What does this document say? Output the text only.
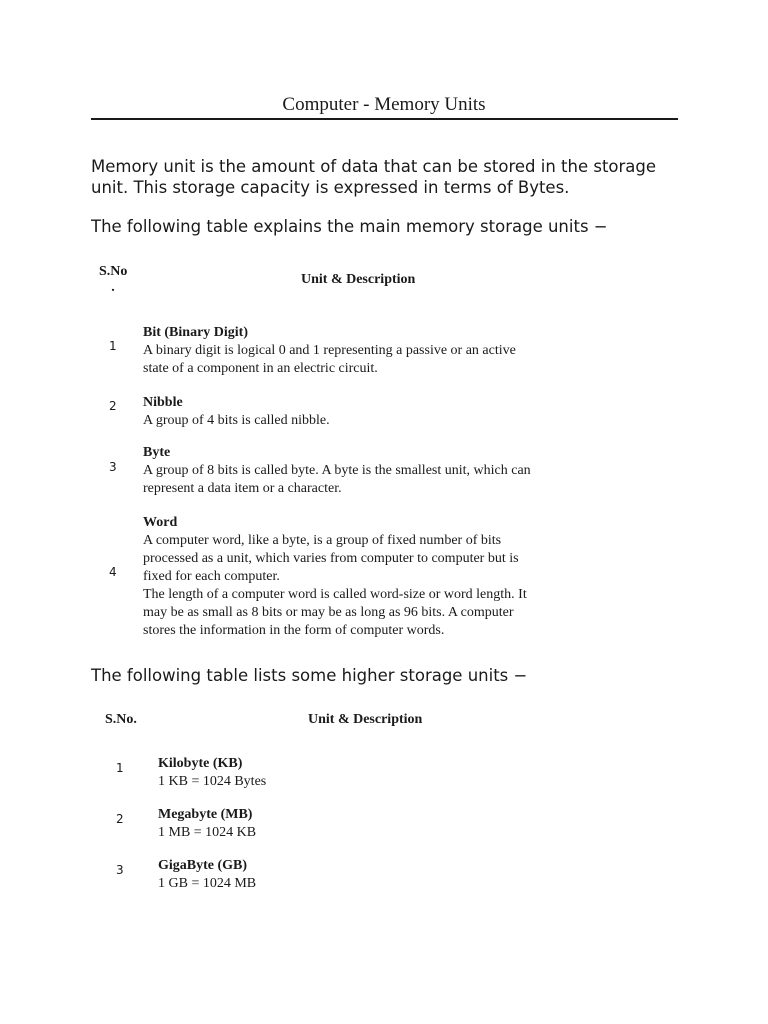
Computer - Memory Units
Memory unit is the amount of data that can be stored in the storage
unit. This storage capacity is expressed in terms of Bytes.
The following table explains the main memory storage units −
S.No
.
Unit & Description
1
Bit (Binary Digit)
A binary digit is logical 0 and 1 representing a passive or an active
state of a component in an electric circuit.
2 Nibble
A group of 4 bits is called nibble.
3
Byte
A group of 8 bits is called byte. A byte is the smallest unit, which can
represent a data item or a character.
4
Word
A computer word, like a byte, is a group of fixed number of bits
processed as a unit, which varies from computer to computer but is
fixed for each computer.
The length of a computer word is called word-size or word length. It
may be as small as 8 bits or may be as long as 96 bits. A computer
stores the information in the form of computer words.
The following table lists some higher storage units −
S.No.	Unit & Description
1 Kilobyte (KB)
1 KB = 1024 Bytes
2 Megabyte (MB)
1 MB = 1024 KB
3 GigaByte (GB)
1 GB = 1024 MB
